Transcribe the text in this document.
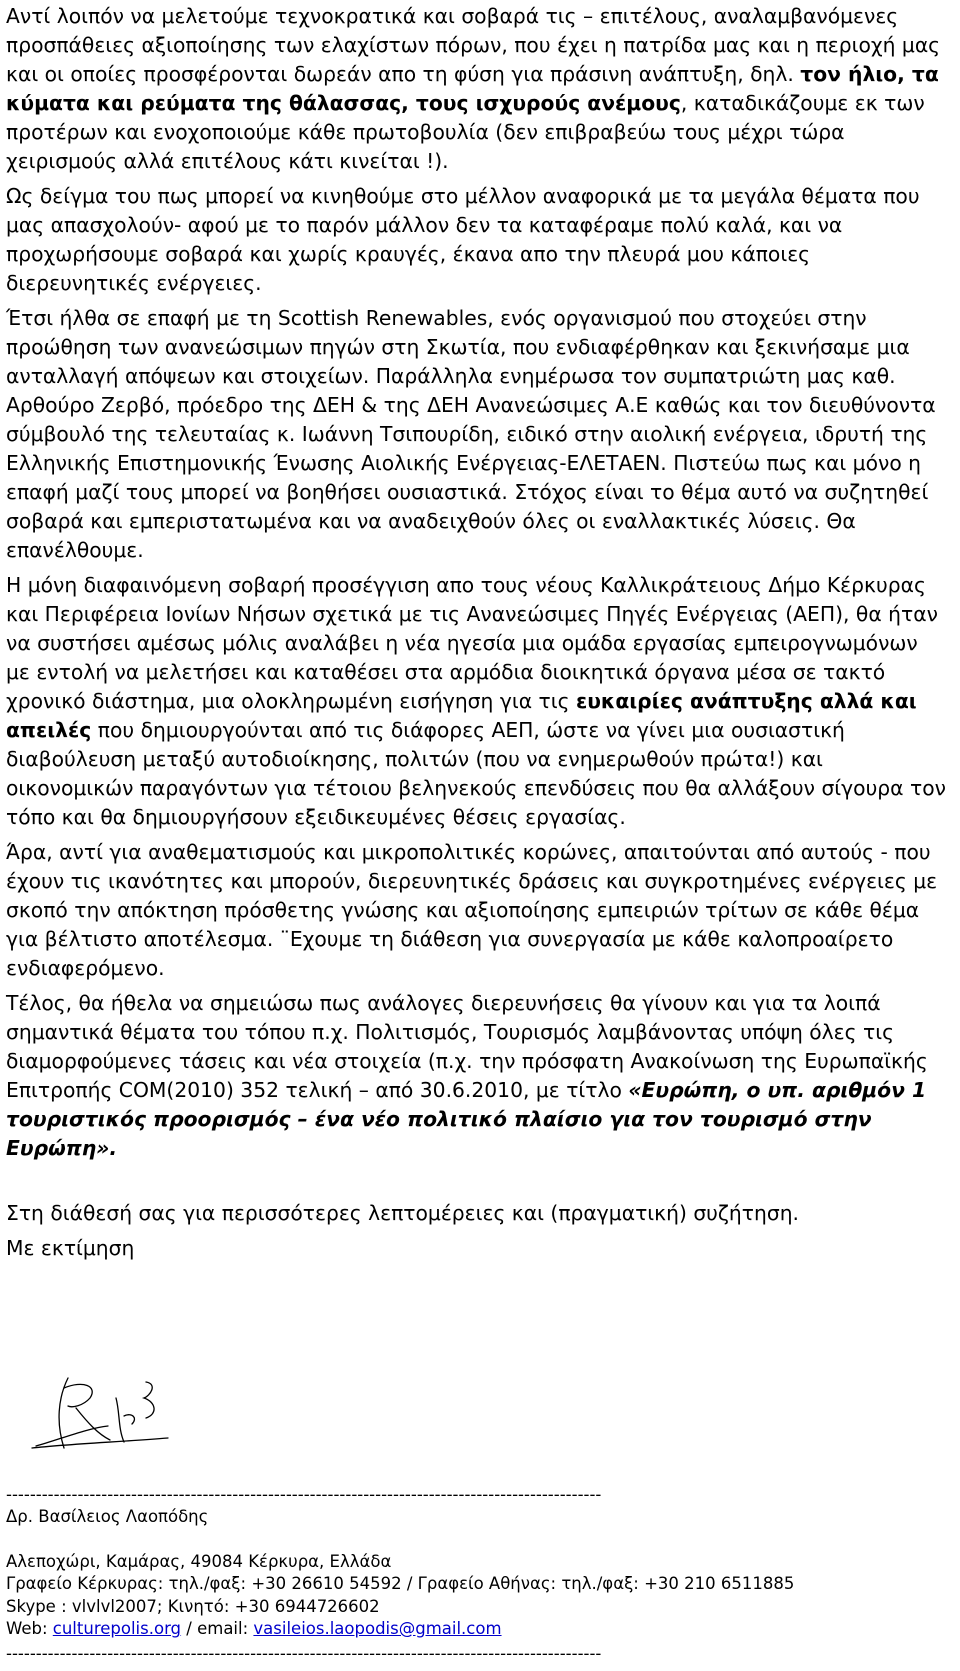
Αντί λοιπόν να μελετούμε τεχνοκρατικά και σοβαρά τις – επιτέλους, αναλαμβανόμενες προσπάθειες αξιοποίησης των ελαχίστων πόρων, που έχει η πατρίδα μας και η περιοχή μας και οι οποίες προσφέρονται δωρεάν απο τη φύση για πράσινη ανάπτυξη, δηλ. τον ήλιο, τα κύματα και ρεύματα της θάλασσας, τους ισχυρούς ανέμους, καταδικάζουμε εκ των προτέρων και ενοχοποιούμε κάθε πρωτοβουλία (δεν επιβραβεύω τους μέχρι τώρα χειρισμούς αλλά επιτέλους κάτι κινείται !).

Ως δείγμα του πως μπορεί να κινηθούμε στο μέλλον αναφορικά με τα μεγάλα θέματα που μας απασχολούν- αφού με το παρόν μάλλον δεν τα καταφέραμε πολύ καλά, και να προχωρήσουμε σοβαρά και χωρίς κραυγές, έκανα απο την πλευρά μου κάποιες διερευνητικές ενέργειες.

Έτσι ήλθα σε επαφή με τη Scottish Renewables, ενός οργανισμού που στοχεύει στην προώθηση των ανανεώσιμων πηγών στη Σκωτία, που ενδιαφέρθηκαν και ξεκινήσαμε μια ανταλλαγή απόψεων και στοιχείων. Παράλληλα ενημέρωσα τον συμπατριώτη μας καθ. Αρθούρο Ζερβό, πρόεδρο της ΔΕΗ & της ΔΕΗ Ανανεώσιμες Α.Ε καθώς και τον διευθύνοντα σύμβουλό της τελευταίας κ. Ιωάννη Τσιπουρίδη, ειδικό στην αιολική ενέργεια, ιδρυτή της Ελληνικής Επιστημονικής Ένωσης Αιολικής Ενέργειας-ΕΛΕΤΑΕΝ. Πιστεύω πως και μόνο η επαφή μαζί τους μπορεί να βοηθήσει ουσιαστικά. Στόχος είναι το θέμα αυτό να συζητηθεί σοβαρά και εμπεριστατωμένα και να αναδειχθούν όλες οι εναλλακτικές λύσεις. Θα επανέλθουμε.

Η μόνη διαφαινόμενη σοβαρή προσέγγιση απο τους νέους Καλλικράτειους Δήμο Κέρκυρας και Περιφέρεια Ιονίων Νήσων σχετικά με τις Ανανεώσιμες Πηγές Ενέργειας (ΑΕΠ), θα ήταν να συστήσει αμέσως μόλις αναλάβει η νέα ηγεσία μια ομάδα εργασίας εμπειρογνωμόνων με εντολή να μελετήσει και καταθέσει στα αρμόδια διοικητικά όργανα μέσα σε τακτό χρονικό διάστημα, μια ολοκληρωμένη εισήγηση για τις ευκαιρίες ανάπτυξης αλλά και απειλές που δημιουργούνται από τις διάφορες ΑΕΠ, ώστε να γίνει μια ουσιαστική διαβούλευση μεταξύ αυτοδιοίκησης, πολιτών (που να ενημερωθούν πρώτα!) και οικονομικών παραγόντων για τέτοιου βεληνεκούς επενδύσεις που θα αλλάξουν σίγουρα τον τόπο και θα δημιουργήσουν εξειδικευμένες θέσεις εργασίας.

Άρα, αντί για αναθεματισμούς και μικροπολιτικές κορώνες, απαιτούνται από αυτούς - που έχουν τις ικανότητες και μπορούν, διερευνητικές δράσεις και συγκροτημένες ενέργειες με σκοπό την απόκτηση πρόσθετης γνώσης και αξιοποίησης εμπειριών τρίτων σε κάθε θέμα για βέλτιστο αποτέλεσμα. ¨Εχουμε τη διάθεση για συνεργασία με κάθε καλοπροαίρετο ενδιαφερόμενο.

Τέλος, θα ήθελα να σημειώσω πως ανάλογες διερευνήσεις θα γίνουν και για τα λοιπά σημαντικά θέματα του τόπου π.χ. Πολιτισμός, Τουρισμός λαμβάνοντας υπόψη όλες τις διαμορφούμενες τάσεις και νέα στοιχεία (π.χ. την πρόσφατη Ανακοίνωση της Ευρωπαϊκής Επιτροπής COM(2010) 352 τελική – από 30.6.2010, με τίτλο «Ευρώπη, ο υπ. αριθμόν 1 τουριστικός προορισμός – ένα νέο πολιτικό πλαίσιο για τον τουρισμό στην Ευρώπη».

Στη διάθεσή σας για περισσότερες λεπτομέρειες και (πραγματική) συζήτηση.

Με εκτίμηση

----------------------------------------------------------------------------------------------------
Δρ. Βασίλειος Λαοπόδης
Αλεποχώρι, Καμάρας, 49084 Κέρκυρα, Ελλάδα
Γραφείο Κέρκυρας: τηλ./φαξ: +30 26610 54592 / Γραφείο Αθήνας: τηλ./φαξ: +30 210 6511885
Skype : vlvlvl2007; Κινητό: +30 6944726602
Web: culturepolis.org / email: vasileios.laopodis@gmail.com
----------------------------------------------------------------------------------------------------
